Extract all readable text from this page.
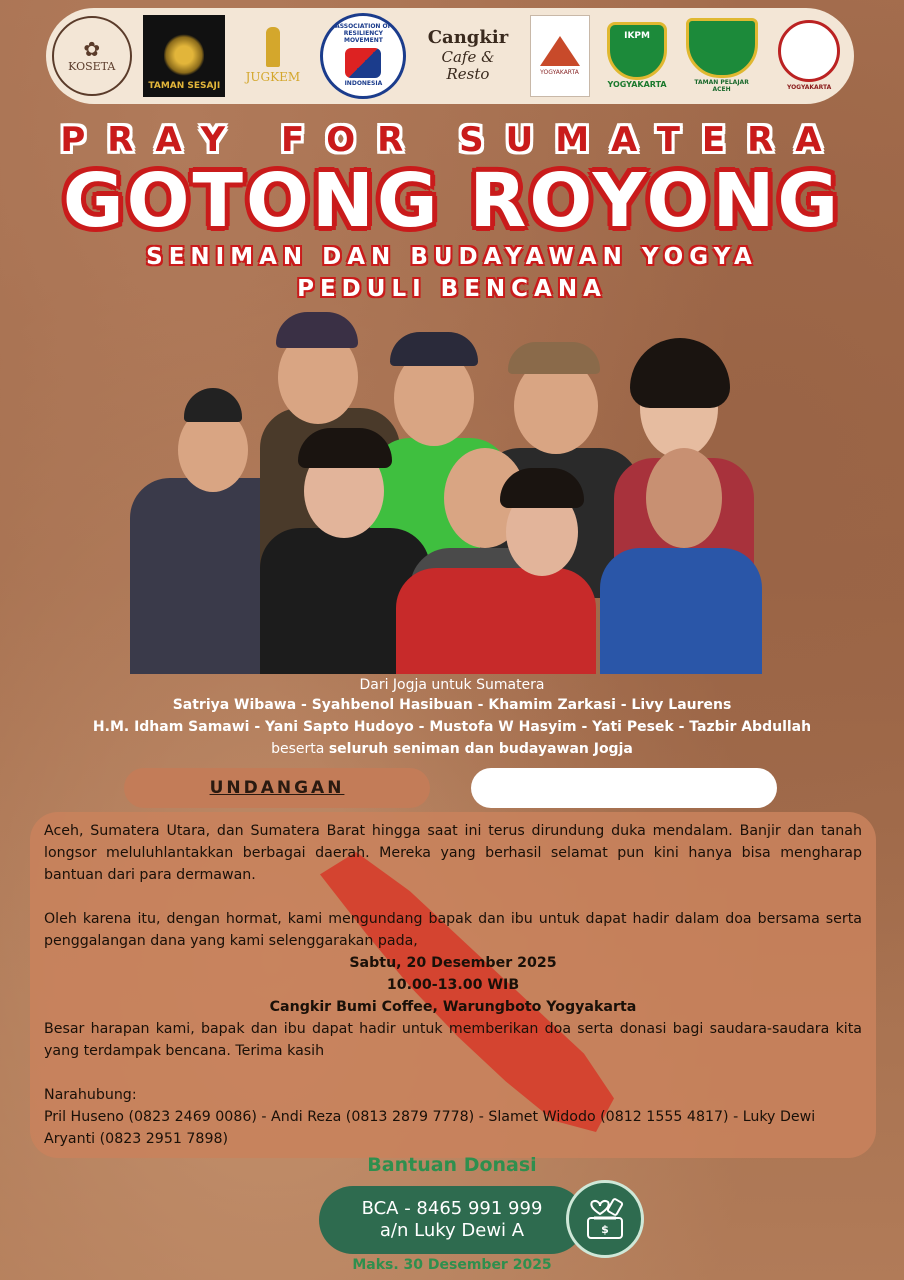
✿
KOSETA
TAMAN SESAJI
JUGKEM
ASSOCIATION OF RESILIENCY MOVEMENT
INDONESIA
Cangkir
Cafe & Resto	YOGYAKARTA
IKPM
YOGYAKARTA	TAMAN PELAJAR ACEH	YOGYAKARTA
PRAY FOR SUMATERA
GOTONG ROYONG
SENIMAN DAN BUDAYAWAN YOGYA
PEDULI BENCANA
Dari Jogja untuk Sumatera
Satriya Wibawa - Syahbenol Hasibuan - Khamim Zarkasi - Livy Laurens
H.M. Idham Samawi - Yani Sapto Hudoyo - Mustofa W Hasyim - Yati Pesek - Tazbir Abdullah
beserta seluruh seniman dan budayawan Jogja
UNDANGAN

Aceh, Sumatera Utara, dan Sumatera Barat hingga saat ini terus dirundung duka mendalam. Banjir dan tanah longsor meluluhlantakkan berbagai daerah. Mereka yang berhasil selamat pun kini hanya bisa mengharap bantuan dari para dermawan.

Oleh karena itu, dengan hormat, kami mengundang bapak dan ibu untuk dapat hadir dalam doa bersama serta penggalangan dana yang kami selenggarakan pada,

Sabtu, 20 Desember 2025

10.00-13.00 WIB

Cangkir Bumi Coffee, Warungboto Yogyakarta

Besar harapan kami, bapak dan ibu dapat hadir untuk memberikan doa serta donasi bagi saudara-saudara kita yang terdampak bencana. Terima kasih

Narahubung:

Pril Huseno (0823 2469 0086) - Andi Reza (0813 2879 7778) - Slamet Widodo (0812 1555 4817) - Luky Dewi Aryanti (0823 2951 7898)

Bantuan Donasi
BCA - 8465 991 999
a/n Luky Dewi A	$
Maks. 30 Desember 2025
